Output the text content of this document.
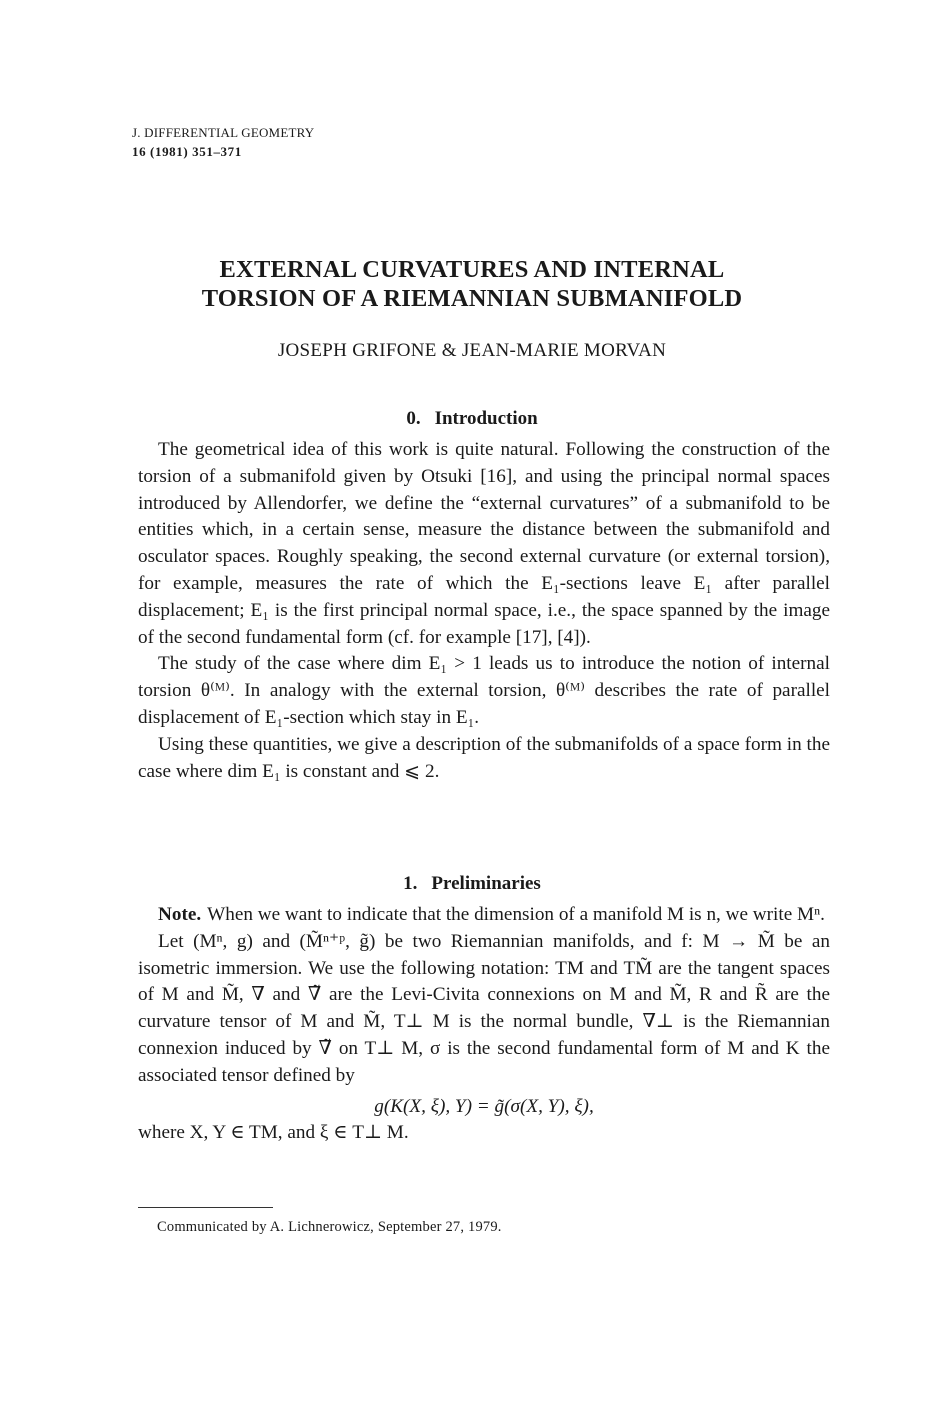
J. DIFFERENTIAL GEOMETRY
16 (1981) 351–371
EXTERNAL CURVATURES AND INTERNAL
TORSION OF A RIEMANNIAN SUBMANIFOLD
JOSEPH GRIFONE & JEAN-MARIE MORVAN
0. Introduction

The geometrical idea of this work is quite natural. Following the construction of the torsion of a submanifold given by Otsuki [16], and using the principal normal spaces introduced by Allendorfer, we define the “external curvatures” of a submanifold to be entities which, in a certain sense, measure the distance between the submanifold and osculator spaces. Roughly speaking, the second external curvature (or external torsion), for example, measures the rate of which the E₁-sections leave E₁ after parallel displacement; E₁ is the first principal normal space, i.e., the space spanned by the image of the second fundamental form (cf. for example [17], [4]).

The study of the case where dim E₁ > 1 leads us to introduce the notion of internal torsion θ⁽ᴹ⁾. In analogy with the external torsion, θ⁽ᴹ⁾ describes the rate of parallel displacement of E₁-section which stay in E₁.

Using these quantities, we give a description of the submanifolds of a space form in the case where dim E₁ is constant and ⩽ 2.

1. Preliminaries

Note. When we want to indicate that the dimension of a manifold M is n, we write Mⁿ.

Let (Mⁿ, g) and (M̃ⁿ⁺ᵖ, g̃) be two Riemannian manifolds, and f: M → M̃ be an isometric immersion. We use the following notation: TM and TM̃ are the tangent spaces of M and M̃, ∇ and ∇̃ are the Levi-Civita connexions on M and M̃, R and R̃ are the curvature tensor of M and M̃, T⊥ M is the normal bundle, ∇⊥ is the Riemannian connexion induced by ∇̃ on T⊥ M, σ is the second fundamental form of M and K the associated tensor defined by

g(K(X, ξ), Y) = g̃(σ(X, Y), ξ),
where X, Y ∈ TM, and ξ ∈ T⊥ M.
Communicated by A. Lichnerowicz, September 27, 1979.
